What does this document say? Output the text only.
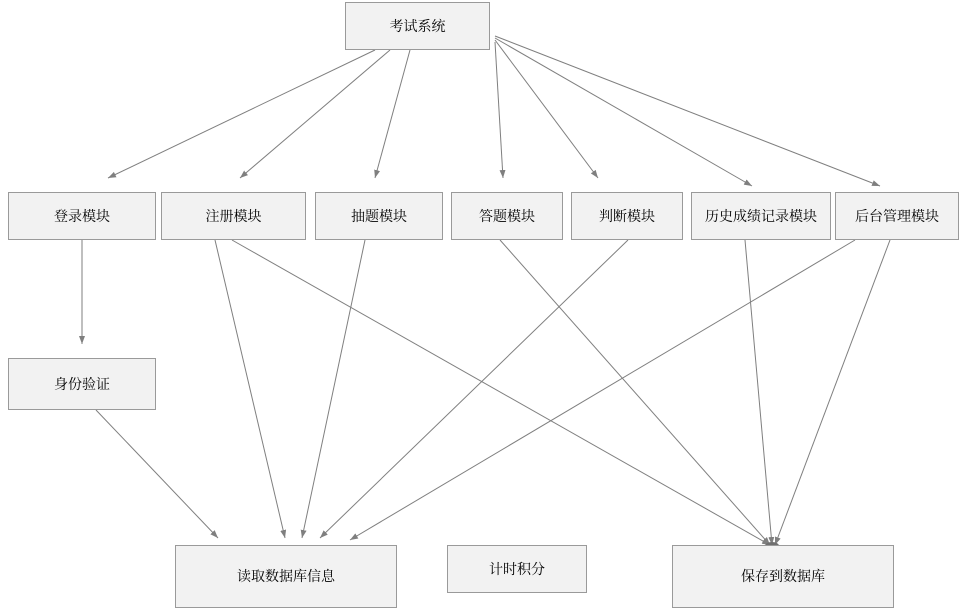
考试系统
登录模块	注册模块	抽题模块	答题模块	判断模块	历史成绩记录模块	后台管理模块
身份验证
读取数据库信息	计时积分	保存到数据库
